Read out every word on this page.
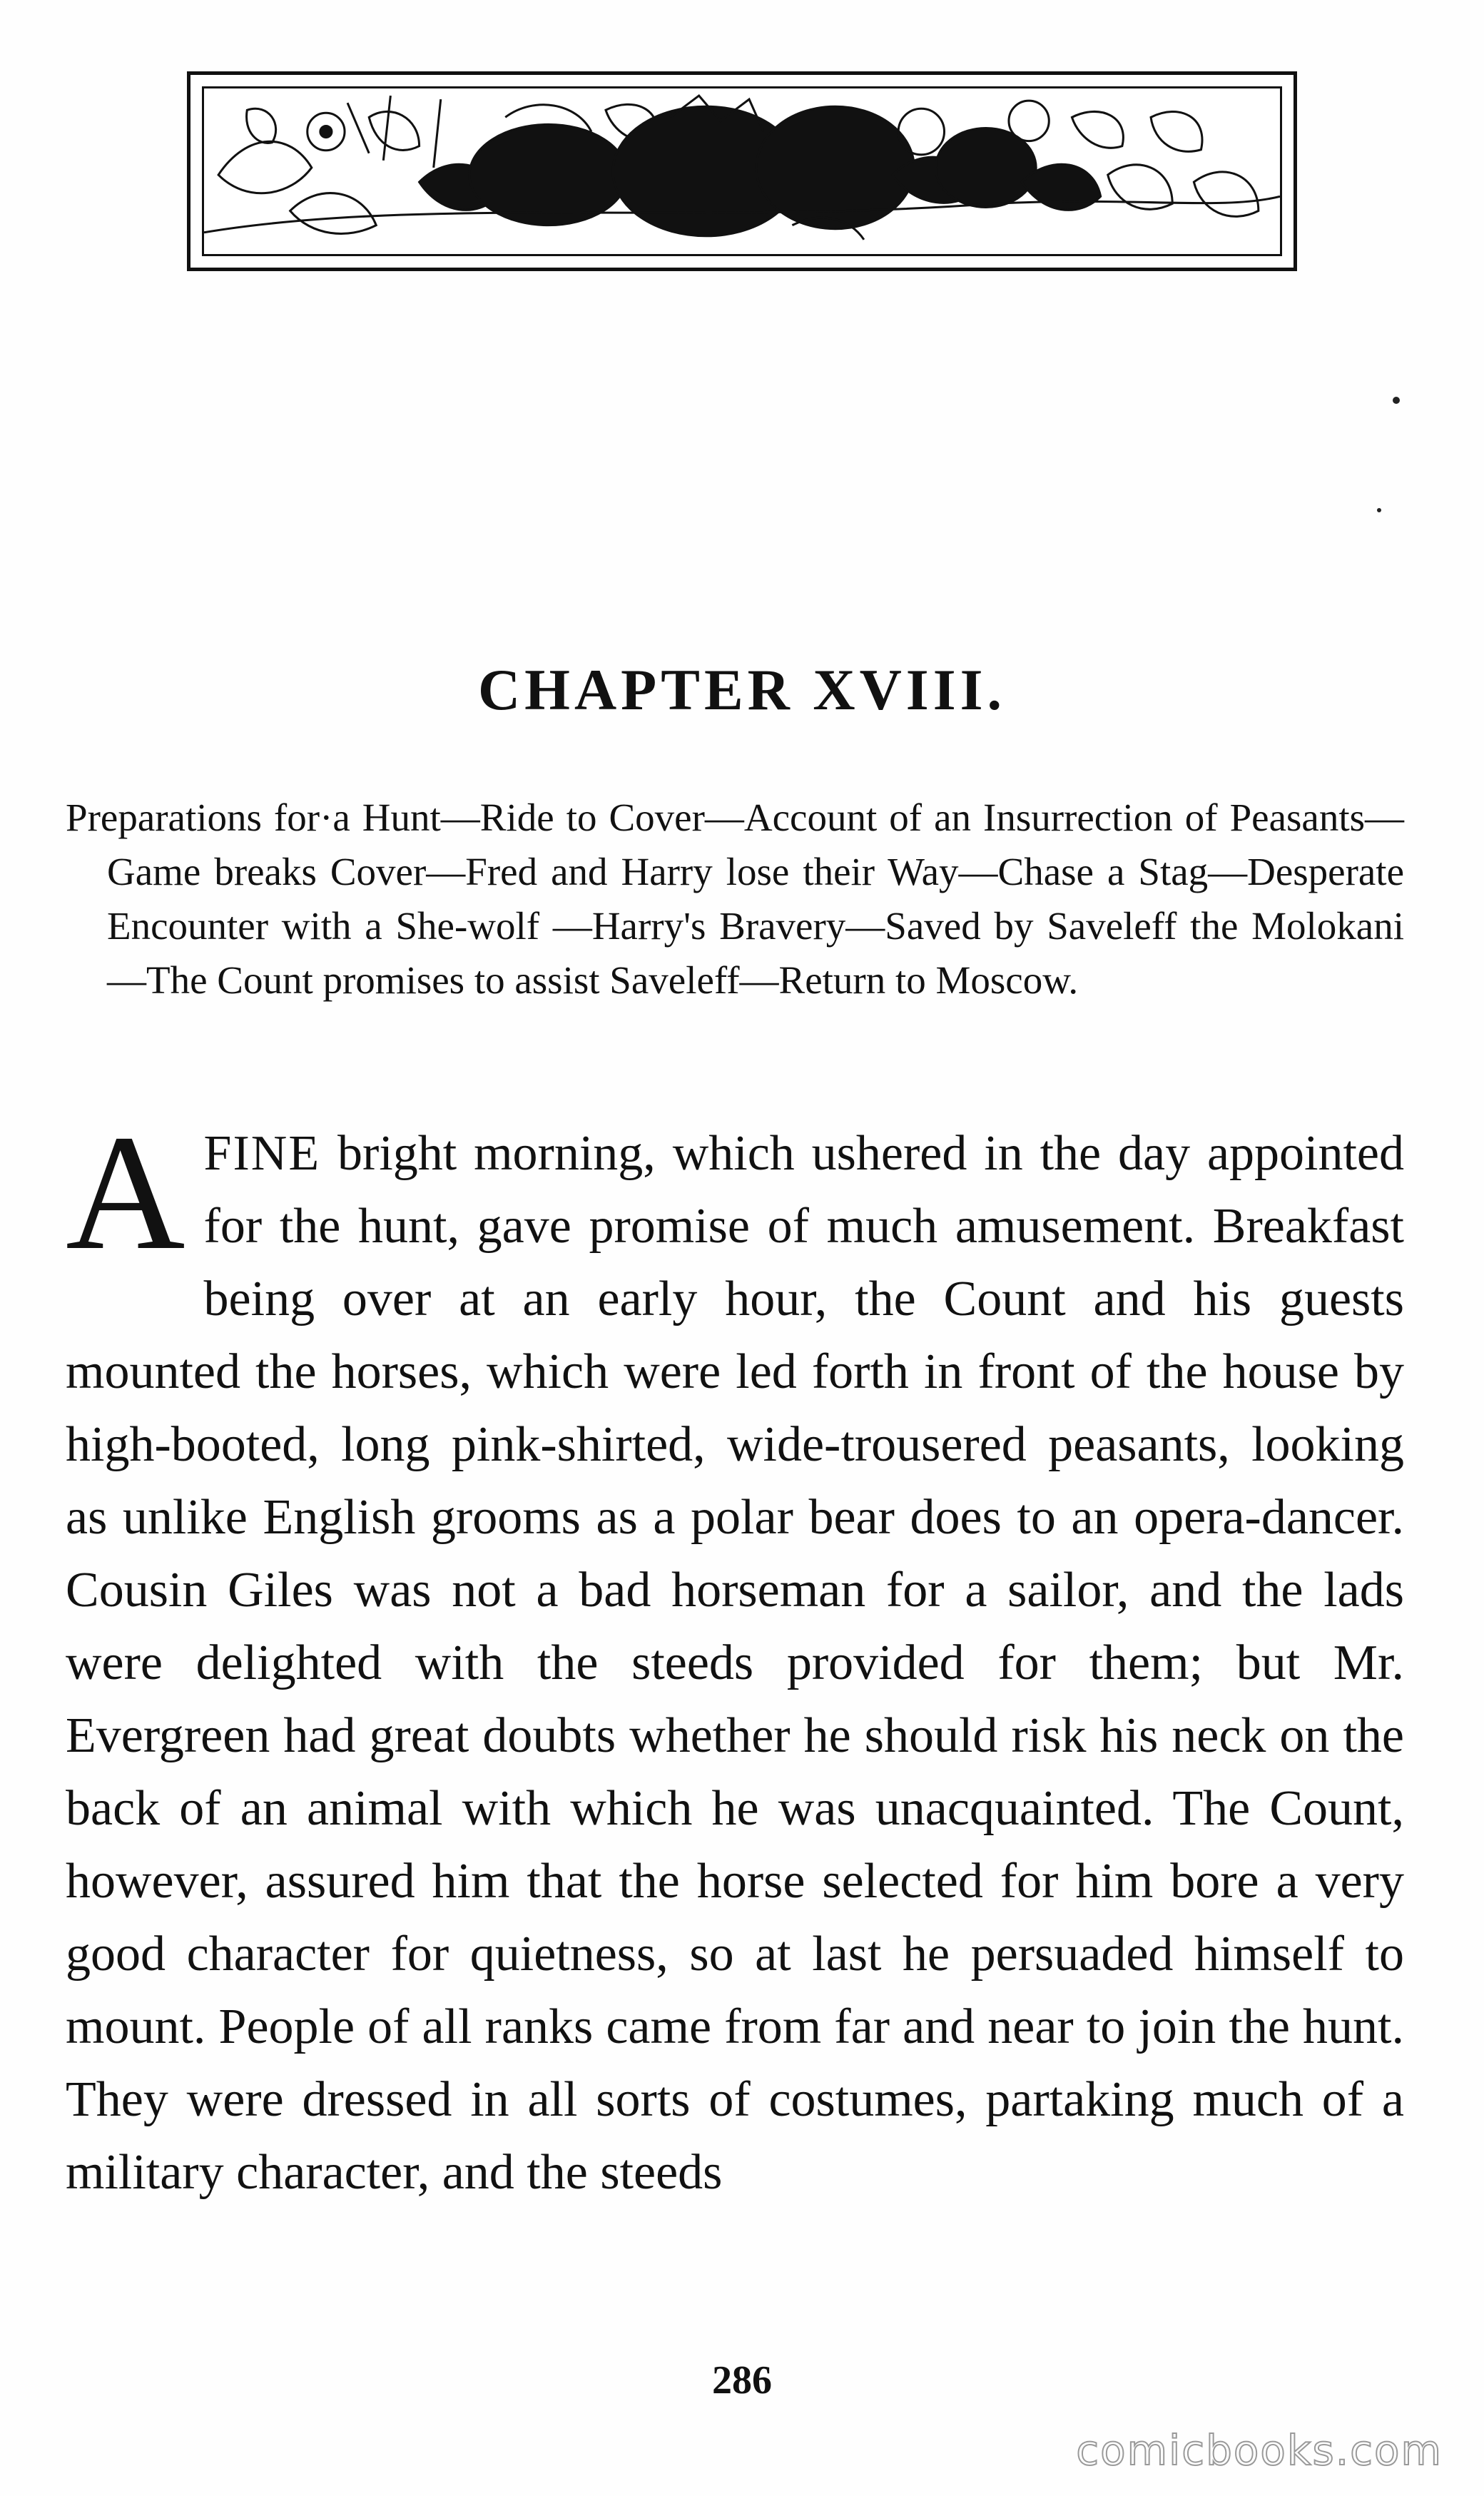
CHAPTER XVIII.
Preparations for·a Hunt—Ride to Cover—Account of an Insurrection of Peasants—Game breaks Cover—Fred and Harry lose their Way—Chase a Stag—Desperate Encounter with a She-wolf —Harry's Bravery—Saved by Saveleff the Molokani—The Count promises to assist Saveleff—Return to Moscow.
AFINE bright morning, which ushered in the day appointed for the hunt, gave promise of much amusement. Breakfast being over at an early hour, the Count and his guests mounted the horses, which were led forth in front of the house by high-booted, long pink-shirted, wide-trousered peasants, looking as unlike English grooms as a polar bear does to an opera-dancer. Cousin Giles was not a bad horseman for a sailor, and the lads were delighted with the steeds provided for them; but Mr. Evergreen had great doubts whether he should risk his neck on the back of an animal with which he was unacquainted. The Count, however, assured him that the horse selected for him bore a very good character for quietness, so at last he persuaded himself to mount. People of all ranks came from far and near to join the hunt. They were dressed in all sorts of costumes, partaking much of a military character, and the steeds
286
comicbooks.com
